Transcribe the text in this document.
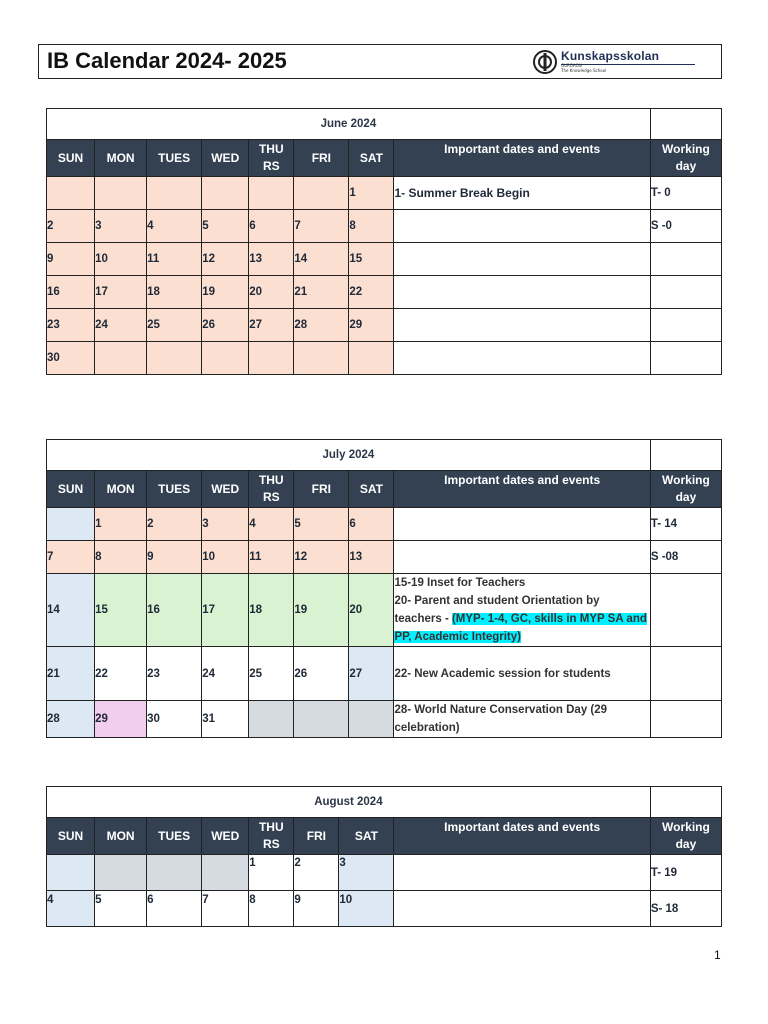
IB Calendar 2024- 2025	Kunskapsskolan
GURGAON
The Knowledge School
June 2024								
SUN	MON	TUES	WED	THU RS	FRI	SAT	Important dates and events	Working day
						1	1- Summer Break Begin	T- 0
2	3	4	5	6	7	8		S -0
9	10	11	12	13	14	15		
16	17	18	19	20	21	22		
23	24	25	26	27	28	29		
30								
July 2024								
SUN	MON	TUES	WED	THU RS	FRI	SAT	Important dates and events	Working day
	1	2	3	4	5	6		T- 14
7	8	9	10	11	12	13		S -08
14	15	16	17	18	19	20	15-19 Inset for Teachers
20- Parent and student Orientation by teachers - (MYP- 1-4, GC, skills in MYP SA and PP, Academic Integrity)	

21	22	23	24	25	26	27	22- New Academic session for students	
28	29	30	31				28- World Nature Conservation Day (29 celebration)	
August 2024								
SUN	MON	TUES	WED	THU RS	FRI	SAT	Important dates and events	Working day
				1	2	3		T- 19
4	5	6	7	8	9	10		S- 18
1
